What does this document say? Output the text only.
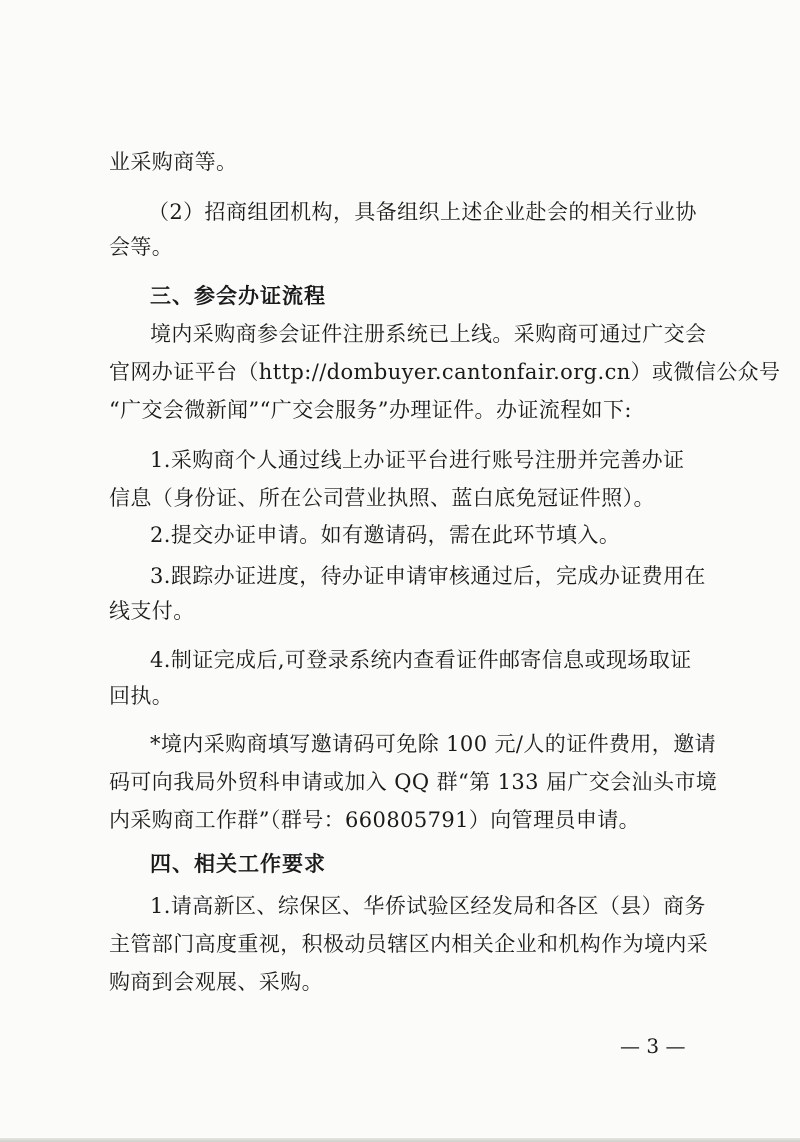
业采购商等。
（2）招商组团机构，具备组织上述企业赴会的相关行业协
会等。
三、参会办证流程
境内采购商参会证件注册系统已上线。采购商可通过广交会
官网办证平台（http://dombuyer.cantonfair.org.cn）或微信公众号
“广交会微新闻”“广交会服务”办理证件。办证流程如下:
1.采购商个人通过线上办证平台进行账号注册并完善办证
信息（身份证、所在公司营业执照、蓝白底免冠证件照）。
2.提交办证申请。如有邀请码，需在此环节填入。
3.跟踪办证进度，待办证申请审核通过后，完成办证费用在
线支付。
4.制证完成后,可登录系统内查看证件邮寄信息或现场取证
回执。
*境内采购商填写邀请码可免除 100 元/人的证件费用，邀请
码可向我局外贸科申请或加入 QQ 群“第 133 届广交会汕头市境
内采购商工作群”（群号：660805791）向管理员申请。
四、相关工作要求
1.请高新区、综保区、华侨试验区经发局和各区（县）商务
主管部门高度重视，积极动员辖区内相关企业和机构作为境内采
购商到会观展、采购。
— 3 —
